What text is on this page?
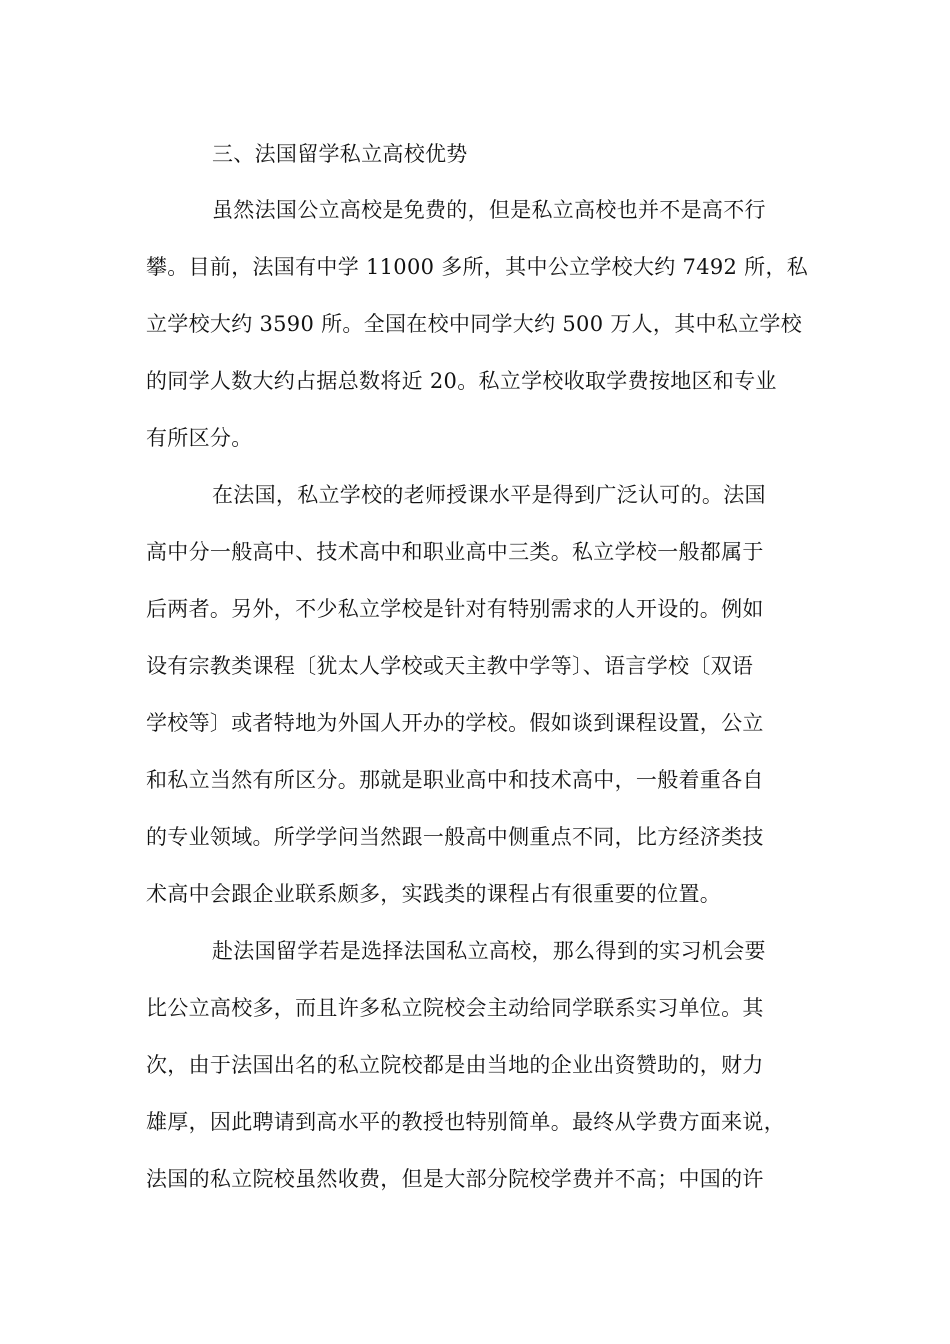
三、法国留学私立高校优势
虽然法国公立高校是免费的，但是私立高校也并不是高不行
攀。目前，法国有中学 11000 多所，其中公立学校大约 7492 所，私
立学校大约 3590 所。全国在校中同学大约 500 万人，其中私立学校
的同学人数大约占据总数将近 20。私立学校收取学费按地区和专业
有所区分。
在法国，私立学校的老师授课水平是得到广泛认可的。法国
高中分一般高中、技术高中和职业高中三类。私立学校一般都属于
后两者。另外，不少私立学校是针对有特别需求的人开设的。例如
设有宗教类课程〔犹太人学校或天主教中学等〕、语言学校〔双语
学校等〕或者特地为外国人开办的学校。假如谈到课程设置，公立
和私立当然有所区分。那就是职业高中和技术高中，一般着重各自
的专业领域。所学学问当然跟一般高中侧重点不同，比方经济类技
术高中会跟企业联系颇多，实践类的课程占有很重要的位置。
赴法国留学若是选择法国私立高校，那么得到的实习机会要
比公立高校多，而且许多私立院校会主动给同学联系实习单位。其
次，由于法国出名的私立院校都是由当地的企业出资赞助的，财力
雄厚，因此聘请到高水平的教授也特别简单。最终从学费方面来说，
法国的私立院校虽然收费，但是大部分院校学费并不高；中国的许
